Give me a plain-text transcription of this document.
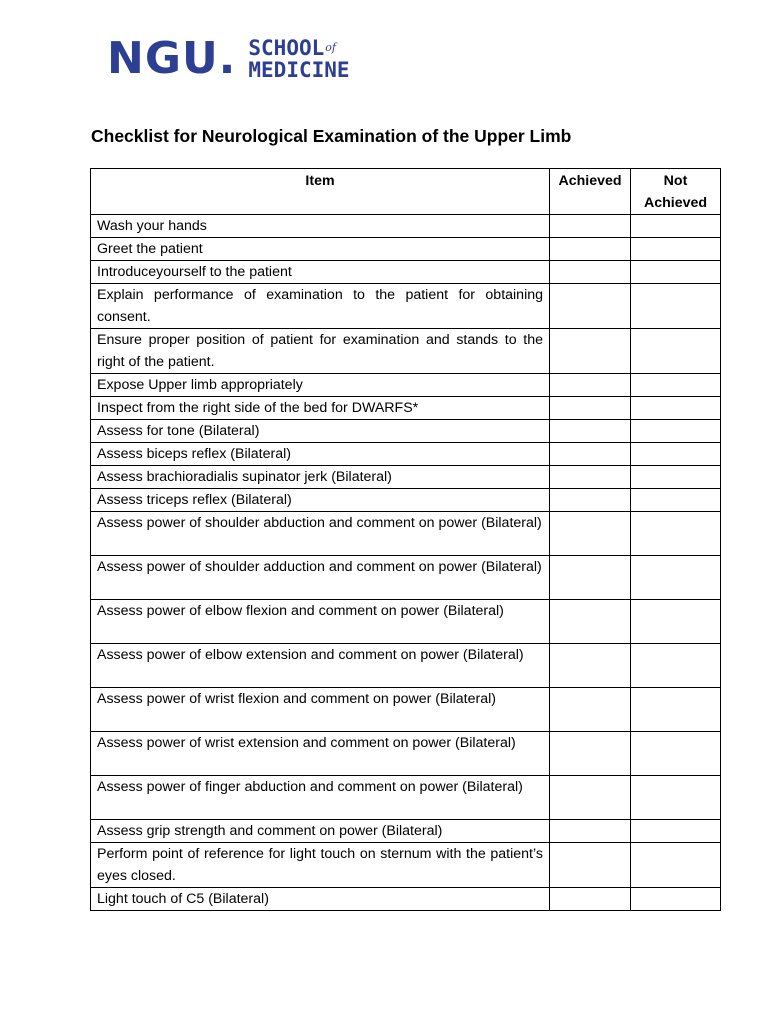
NGU. $SCHOOL^{of}$
MEDICINE
Checklist for Neurological Examination of the Upper Limb
Item	Achieved	Not
Achieved
Wash your hands		
Greet the patient		
Introduceyourself to the patient		
Explain performance of examination to the patient for obtaining consent.		
Ensure proper position of patient for examination and stands to the right of the patient.		
Expose Upper limb appropriately		
Inspect from the right side of the bed for DWARFS*		
Assess for tone (Bilateral)		
Assess biceps reflex (Bilateral)		
Assess brachioradialis supinator jerk (Bilateral)		
Assess triceps reflex (Bilateral)		
Assess power of shoulder abduction and comment on power (Bilateral)		
Assess power of shoulder adduction and comment on power (Bilateral)		
Assess power of elbow flexion and comment on power (Bilateral)		
Assess power of elbow extension and comment on power (Bilateral)		
Assess power of wrist flexion and comment on power (Bilateral)		
Assess power of wrist extension and comment on power (Bilateral)		
Assess power of finger abduction and comment on power (Bilateral)		
Assess grip strength and comment on power (Bilateral)		
Perform point of reference for light touch on sternum with the patient’s eyes closed.		
Light touch of C5 (Bilateral)		
